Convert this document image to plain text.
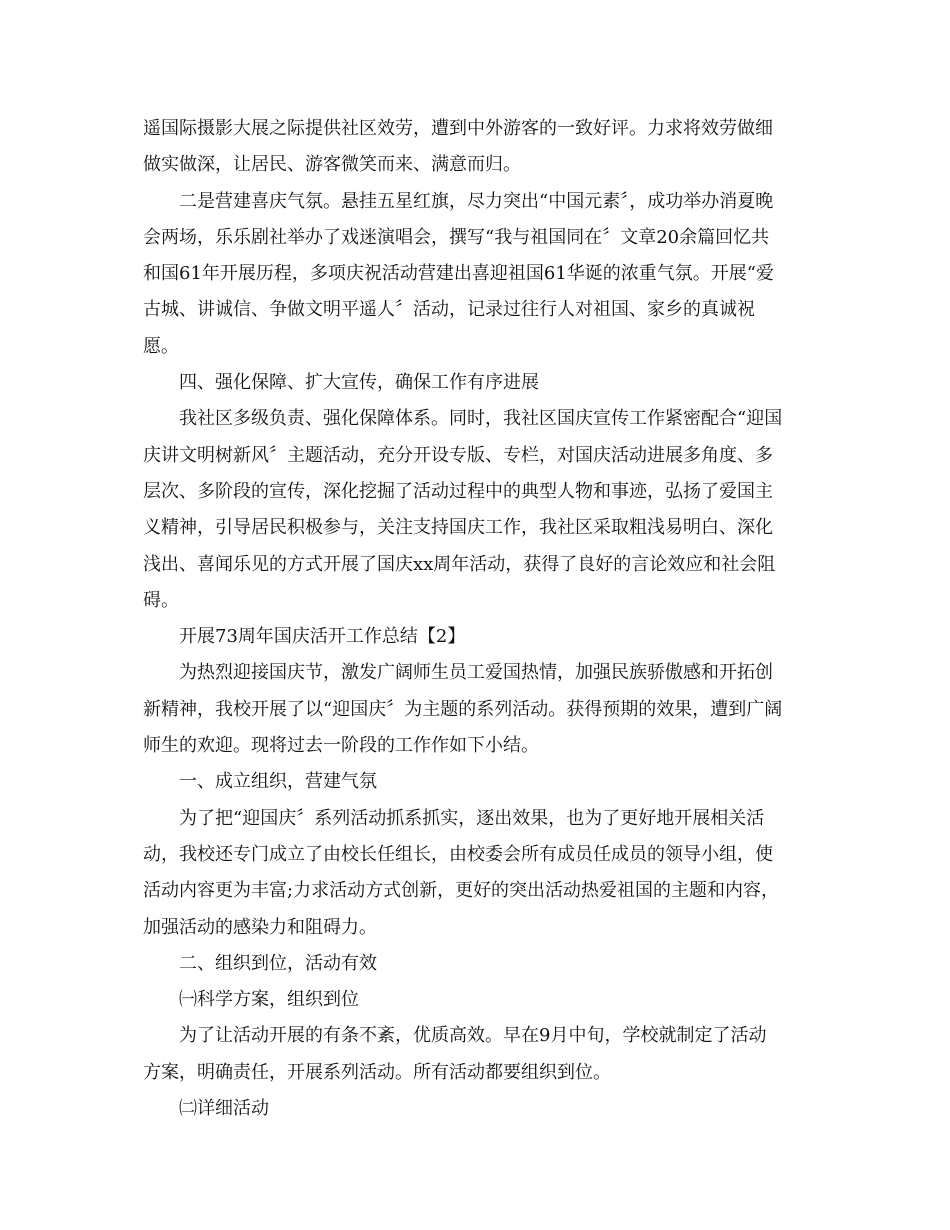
遥国际摄影大展之际提供社区效劳，遭到中外游客的一致好评。力求将效劳做细
做实做深，让居民、游客微笑而来、满意而归。
二是营建喜庆气氛。悬挂五星红旗，尽力突出“中国元素〞，成功举办消夏晚
会两场，乐乐剧社举办了戏迷演唱会，撰写“我与祖国同在〞文章20余篇回忆共
和国61年开展历程，多项庆祝活动营建出喜迎祖国61华诞的浓重气氛。开展“爱
古城、讲诚信、争做文明平遥人〞活动，记录过往行人对祖国、家乡的真诚祝
愿。
四、强化保障、扩大宣传，确保工作有序进展
我社区多级负责、强化保障体系。同时，我社区国庆宣传工作紧密配合“迎国
庆讲文明树新风〞主题活动，充分开设专版、专栏，对国庆活动进展多角度、多
层次、多阶段的宣传，深化挖掘了活动过程中的典型人物和事迹，弘扬了爱国主
义精神，引导居民积极参与，关注支持国庆工作，我社区采取粗浅易明白、深化
浅出、喜闻乐见的方式开展了国庆xx周年活动，获得了良好的言论效应和社会阻
碍。
开展73周年国庆活开工作总结【2】
为热烈迎接国庆节，激发广阔师生员工爱国热情，加强民族骄傲感和开拓创
新精神，我校开展了以“迎国庆〞为主题的系列活动。获得预期的效果，遭到广阔
师生的欢迎。现将过去一阶段的工作作如下小结。
一、成立组织，营建气氛
为了把“迎国庆〞系列活动抓系抓实，逐出效果，也为了更好地开展相关活
动，我校还专门成立了由校长任组长，由校委会所有成员任成员的领导小组，使
活动内容更为丰富;力求活动方式创新，更好的突出活动热爱祖国的主题和内容，
加强活动的感染力和阻碍力。
二、组织到位，活动有效
㈠科学方案，组织到位
为了让活动开展的有条不紊，优质高效。早在9月中旬，学校就制定了活动
方案，明确责任，开展系列活动。所有活动都要组织到位。
㈡详细活动
